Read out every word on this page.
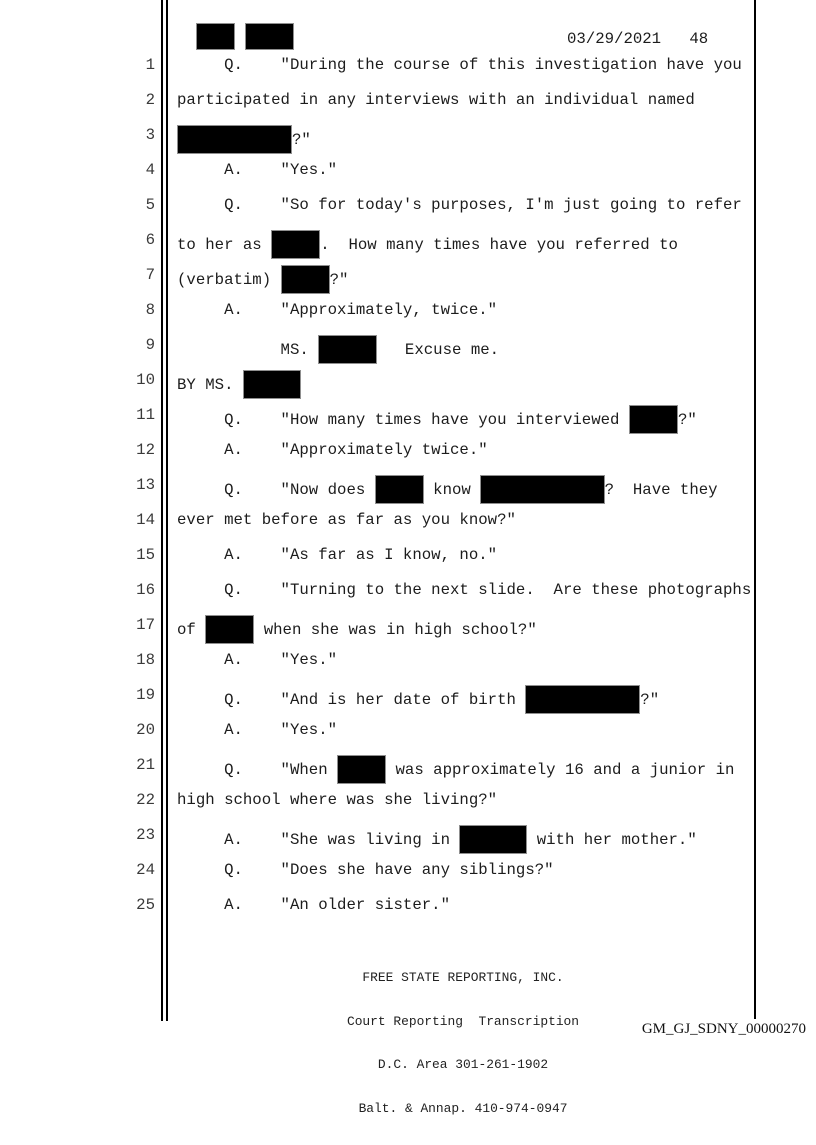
03/29/2021   48
1 Q.    "During the course of this investigation have you
2 participated in any interviews with an individual named
3	?"
4 A.    "Yes."
5 Q.    "So for today's purposes, I'm just going to refer
6 to her as	.  How many times have you referred to
7 (verbatim)	?"
8 A.    "Approximately, twice."
9 MS.	Excuse me.
10 BY MS.
11 Q.    "How many times have you interviewed	?"
12 A.    "Approximately twice."
13 Q.    "Now does	know	?  Have they
14 ever met before as far as you know?"
15 A.    "As far as I know, no."
16 Q.    "Turning to the next slide.  Are these photographs
17 of	when she was in high school?"
18 A.    "Yes."
19 Q.    "And is her date of birth	?"
20 A.    "Yes."
21 Q.    "When	was approximately 16 and a junior in
22 high school where was she living?"
23 A.    "She was living in	with her mother."
24 Q.    "Does she have any siblings?"
25 A.    "An older sister."

FREE STATE REPORTING, INC.

Court Reporting  Transcription

D.C. Area 301-261-1902

Balt. & Annap. 410-974-0947

GM_GJ_SDNY_00000270
